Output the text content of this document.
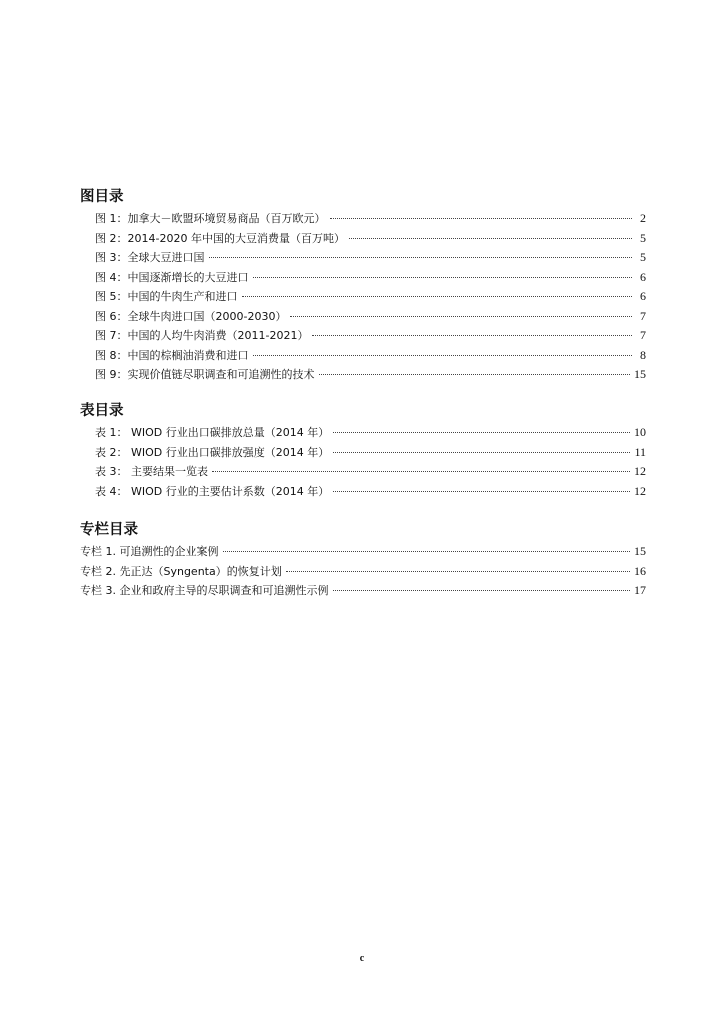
图目录
图 1：加拿大－欧盟环境贸易商品（百万欧元）	2
图 2：2014-2020 年中国的大豆消费量（百万吨）	5
图 3：全球大豆进口国	5
图 4：中国逐渐增长的大豆进口	6
图 5：中国的牛肉生产和进口	6
图 6：全球牛肉进口国（2000-2030）	7
图 7：中国的人均牛肉消费（2011-2021）	7
图 8：中国的棕榈油消费和进口	8
图 9：实现价值链尽职调查和可追溯性的技术	15
表目录
表 1： WIOD 行业出口碳排放总量（2014 年）	10
表 2： WIOD 行业出口碳排放强度（2014 年）	11
表 3： 主要结果一览表	12
表 4： WIOD 行业的主要估计系数（2014 年）	12
专栏目录
专栏 1. 可追溯性的企业案例	15
专栏 2. 先正达（Syngenta）的恢复计划	16
专栏 3. 企业和政府主导的尽职调查和可追溯性示例	17
c
